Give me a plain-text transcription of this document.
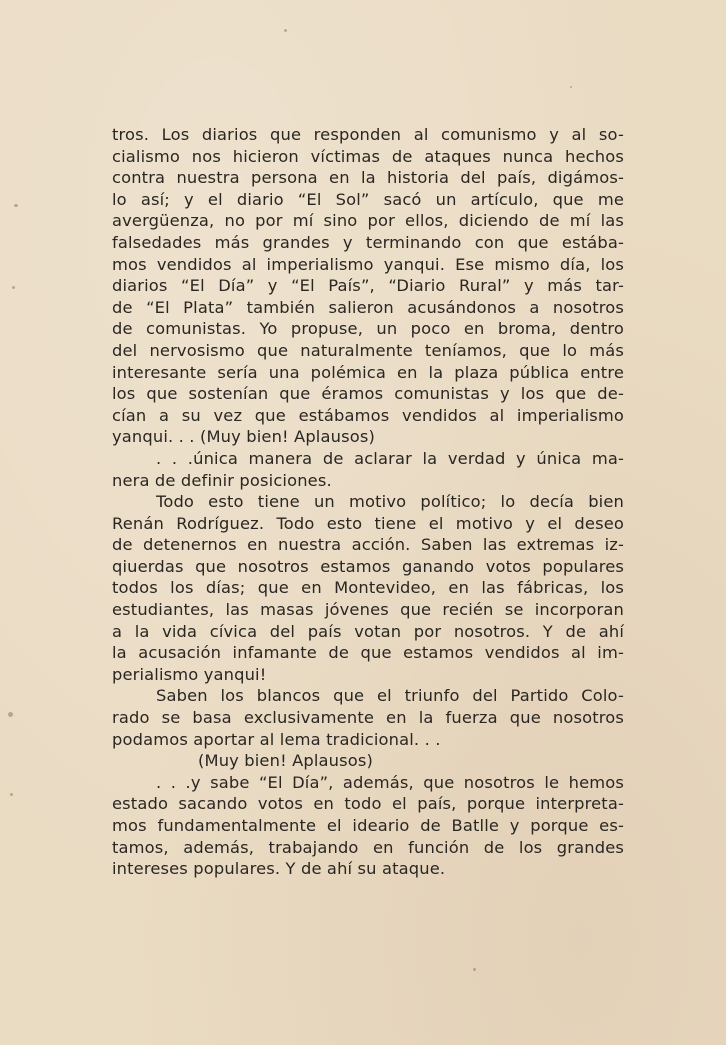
tros. Los diarios que responden al comunismo y al so-
cialismo nos hicieron víctimas de ataques nunca hechos
contra nuestra persona en la historia del país, digámos-
lo así; y el diario “El Sol” sacó un artículo, que me
avergüenza, no por mí sino por ellos, diciendo de mí las
falsedades más grandes y terminando con que estába-
mos vendidos al imperialismo yanqui. Ese mismo día, los
diarios “El Día” y “El País”, “Diario Rural” y más tar-
de “El Plata” también salieron acusándonos a nosotros
de comunistas. Yo propuse, un poco en broma, dentro
del nervosismo que naturalmente teníamos, que lo más
interesante sería una polémica en la plaza pública entre
los que sostenían que éramos comunistas y los que de-
cían a su vez que estábamos vendidos al imperialismo
yanqui. . . (Muy bien! Aplausos)
. . .única manera de aclarar la verdad y única ma-
nera de definir posiciones.
Todo esto tiene un motivo político; lo decía bien
Renán Rodríguez. Todo esto tiene el motivo y el deseo
de detenernos en nuestra acción. Saben las extremas iz-
qiuerdas que nosotros estamos ganando votos populares
todos los días; que en Montevideo, en las fábricas, los
estudiantes, las masas jóvenes que recién se incorporan
a la vida cívica del país votan por nosotros. Y de ahí
la acusación infamante de que estamos vendidos al im-
perialismo yanqui!
Saben los blancos que el triunfo del Partido Colo-
rado se basa exclusivamente en la fuerza que nosotros
podamos aportar al lema tradicional. . .
(Muy bien! Aplausos)
. . .y sabe “El Día”, además, que nosotros le hemos
estado sacando votos en todo el país, porque interpreta-
mos fundamentalmente el ideario de Batlle y porque es-
tamos, además, trabajando en función de los grandes
intereses populares. Y de ahí su ataque.
